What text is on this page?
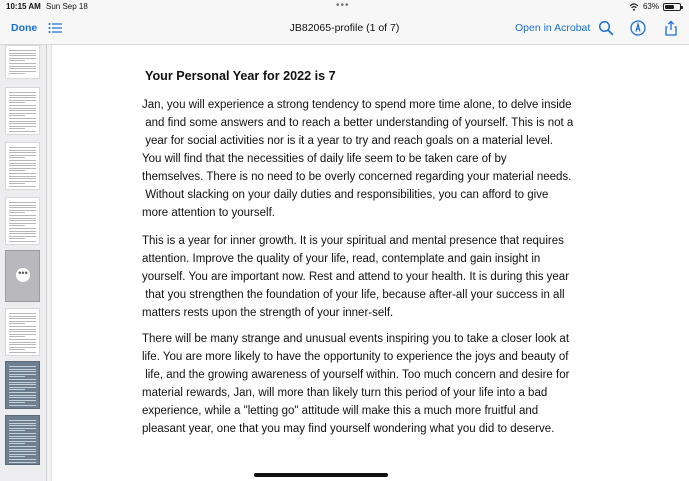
10:15 AM Sun Sep 18	•••	63%
Done	JB82065-profile (1 of 7)	Open in Acrobat
•••
Your Personal Year for 2022 is 7
Jan, you will experience a strong tendency to spend more time alone, to delve inside
and find some answers and to reach a better understanding of yourself. This is not a
year for social activities nor is it a year to try and reach goals on a material level.
You will find that the necessities of daily life seem to be taken care of by
themselves. There is no need to be overly concerned regarding your material needs.
Without slacking on your daily duties and responsibilities, you can afford to give
more attention to yourself.
This is a year for inner growth. It is your spiritual and mental presence that requires
attention. Improve the quality of your life, read, contemplate and gain insight in
yourself. You are important now. Rest and attend to your health. It is during this year
that you strengthen the foundation of your life, because after-all your success in all
matters rests upon the strength of your inner-self.
There will be many strange and unusual events inspiring you to take a closer look at
life. You are more likely to have the opportunity to experience the joys and beauty of
life, and the growing awareness of yourself within. Too much concern and desire for
material rewards, Jan, will more than likely turn this period of your life into a bad
experience, while a "letting go" attitude will make this a much more fruitful and
pleasant year, one that you may find yourself wondering what you did to deserve.
